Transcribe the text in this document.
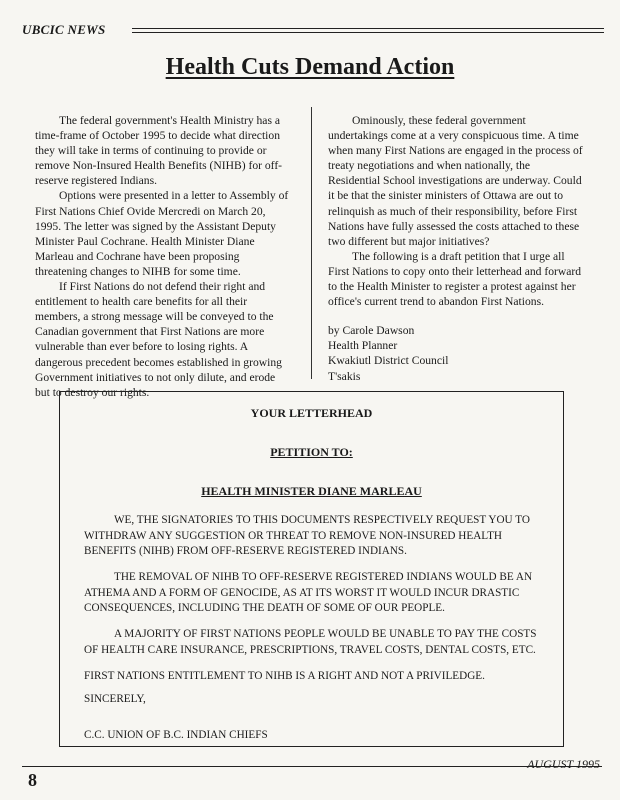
UBCIC NEWS
Health Cuts Demand Action

The federal government's Health Ministry has a time-frame of October 1995 to decide what direction they will take in terms of continuing to provide or remove Non-Insured Health Benefits (NIHB) for off-reserve registered Indians.

Options were presented in a letter to Assembly of First Nations Chief Ovide Mercredi on March 20, 1995. The letter was signed by the Assistant Deputy Minister Paul Cochrane. Health Minister Diane Marleau and Cochrane have been proposing threatening changes to NIHB for some time.

If First Nations do not defend their right and entitlement to health care benefits for all their members, a strong message will be conveyed to the Canadian government that First Nations are more vulnerable than ever before to losing rights. A dangerous precedent becomes established in growing Government initiatives to not only dilute, and erode but to destroy our rights.

Ominously, these federal government undertakings come at a very conspicuous time. A time when many First Nations are engaged in the process of treaty negotiations and when nationally, the Residential School investigations are underway. Could it be that the sinister ministers of Ottawa are out to relinquish as much of their responsibility, before First Nations have fully assessed the costs attached to these two different but major initiatives?

The following is a draft petition that I urge all First Nations to copy onto their letterhead and forward to the Health Minister to register a protest against her office's current trend to abandon First Nations.

by Carole Dawson
Health Planner
Kwakiutl District Council
T'sakis
YOUR LETTERHEAD
PETITION TO:
HEALTH MINISTER DIANE MARLEAU

WE, THE SIGNATORIES TO THIS DOCUMENTS RESPECTIVELY REQUEST YOU TO WITHDRAW ANY SUGGESTION OR THREAT TO REMOVE NON-INSURED HEALTH BENEFITS (NIHB) FROM OFF-RESERVE REGISTERED INDIANS.

THE REMOVAL OF NIHB TO OFF-RESERVE REGISTERED INDIANS WOULD BE AN ATHEMA AND A FORM OF GENOCIDE, AS AT ITS WORST IT WOULD INCUR DRASTIC CONSEQUENCES, INCLUDING THE DEATH OF SOME OF OUR PEOPLE.

A MAJORITY OF FIRST NATIONS PEOPLE WOULD BE UNABLE TO PAY THE COSTS OF HEALTH CARE INSURANCE, PRESCRIPTIONS, TRAVEL COSTS, DENTAL COSTS, ETC.

FIRST NATIONS ENTITLEMENT TO NIHB IS A RIGHT AND NOT A PRIVILEDGE.

SINCERELY,

C.C. UNION OF B.C. INDIAN CHIEFS

8
AUGUST 1995
